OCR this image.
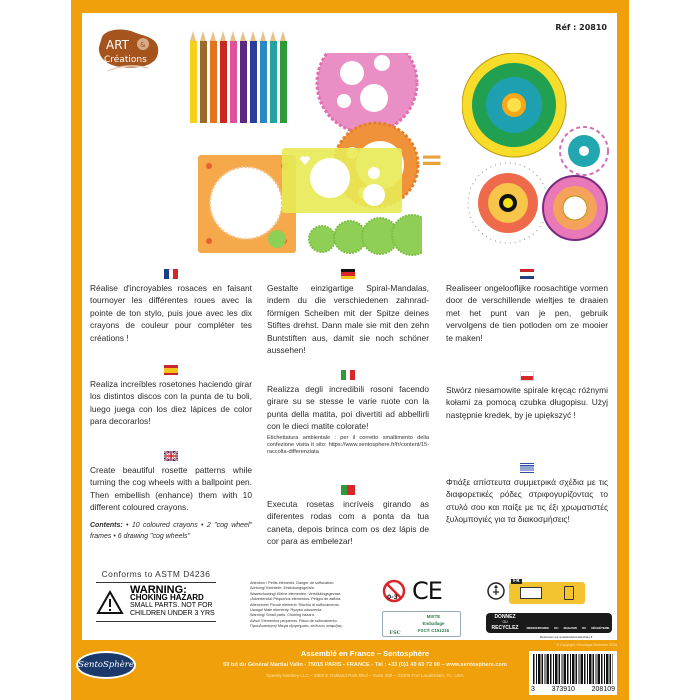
Réf : 20810
ART &
Créations
=
Réalise d'incroyables rosaces en faisant tournoyer les différentes roues avec la pointe de ton stylo, puis joue avec les dix crayons de couleur pour compléter tes créations !
Gestalte einzigartige Spiral-Mandalas, indem du die verschiedenen zahnrad-förmigen Scheiben mit der Spitze deines Stiftes drehst. Dann male sie mit den zehn Buntstiften aus, damit sie noch schöner aussehen!
Realiseer ongelooflijke roosachtige vormen door de verschillende wieltjes te draaien met het punt van je pen, gebruik vervolgens de tien potloden om ze mooier te maken!
Realiza increíbles rosetones haciendo girar los distintos discos con la punta de tu boli, luego juega con los diez lápices de color para decorarlos!
Realizza degli incredibili rosoni facendo girare su se stesse le varie ruote con la punta della matita, poi divertiti ad abbellirli con le dieci matite colorate!
Etichettatura ambientale : per il corretto smaltimento della confezione visita it sito: https://www.sentosphere.fr/fr/content/15-raccolta-differenziata
Stwórz niesamowite spirale kręcąc różnymi kołami za pomocą czubka długopisu. Użyj następnie kredek, by je upiększyć !
Create beautiful rosette patterns while turning the cog wheels with a ballpoint pen. Then embellish (enhance) them with 10 different coloured crayons.
Contents: • 10 coloured crayons • 2 "cog wheel" frames • 6 drawing "cog wheels"
Executa rosetas incríveis girando as diferentes rodas com a ponta da tua caneta, depois brinca com os dez lápis de cor para as embelezar!
Φτιάξε απίστευτα συμμετρικά σχέδια με τις διαφορετικές ρόδες στριφογυρίζοντας το στυλό σου και παίξε με τις έξι χρωματιστές ξυλομπογιές για τα διακοσμήσεις!
Conforms to ASTM D4236
WARNING:
CHOKING HAZARD
SMALL PARTS. NOT FOR
CHILDREN UNDER 3 YRS
Attention ! Petits éléments. Danger de suffocation.
Achtung! Kleinteile. Erstickungsgefahr.
Waarschuwing! Kleine elementen. Verstikkingsgevaar.
¡Advertencia! Pequeños elementos. Peligro de asfixia.
Attenzione! Piccoli elementi. Rischio di soffocamento.
Uwaga! Małe elementy. Ryzyko uduszenia.
Warning! Small parts. Choking hazard.
Aviso! Elementos pequenos. Risco de sufocamento.
Προειδοποίηση! Μικρά εξαρτήματα, κίνδυνος ασφυξίας.
0-3 CE
FSC
MIXTE
Emballage
FSC® C151216
FR
DONNEZ
OU
RECYCLEZ	RESSOURCERIE OU MAGASIN OU DÉCHÈTERIE
Retrouvez sur quefairedemesdechets.fr
SentoSphère
Assemblé en France – Sentosphère
59 bd du Général Martial Valin - 75015 PARIS - FRANCE - Tél : +33 (0)1 40 60 72 90 – www.sentosphere.com
Speedy Monkey LLC – 2900 E Oakland Park Blvd – Suite 300 – 33306 Fort Lauderdale, FL, USA
© Copyright Véronique Debroise 2014
3 373910 208109
